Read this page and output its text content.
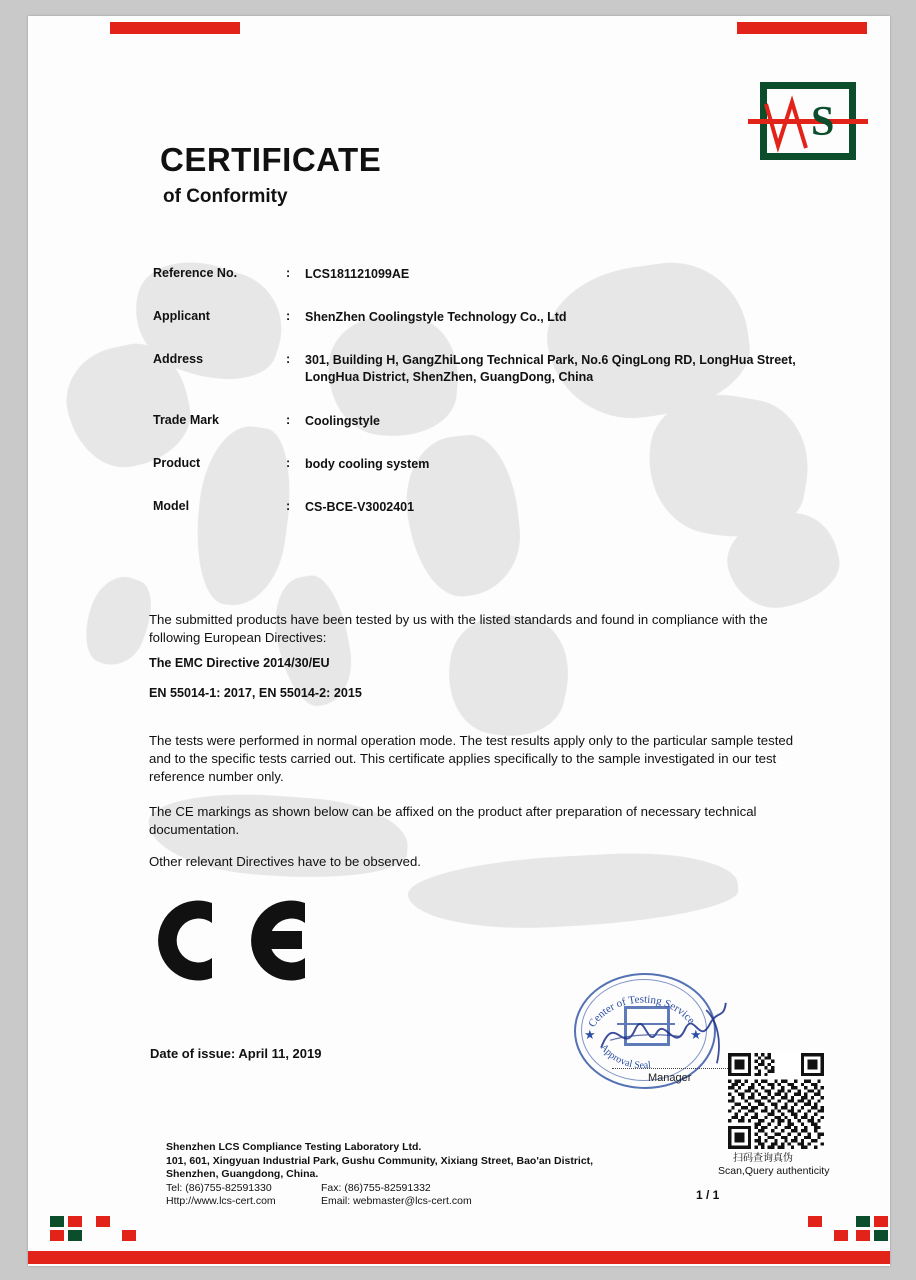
S
CERTIFICATE
of Conformity
Reference No.	: LCS181121099AE
Applicant	: ShenZhen Coolingstyle Technology Co., Ltd
Address	: 301, Building H, GangZhiLong Technical Park, No.6 QingLong RD, LongHua Street, LongHua District, ShenZhen, GuangDong, China
Trade Mark	: Coolingstyle
Product	: body cooling system
Model	: CS-BCE-V3002401
The submitted products have been tested by us with the listed standards and found in compliance with the following European Directives:
The EMC Directive 2014/30/EU
EN 55014-1: 2017, EN 55014-2: 2015
The tests were performed in normal operation mode. The test results apply only to the particular sample tested and to the specific tests carried out. This certificate applies specifically to the sample investigated in our test reference number only.
The CE markings as shown below can be affixed on the product after preparation of necessary technical documentation.
Other relevant Directives have to be observed.
Date of issue: April 11, 2019
Center of Testing Service
Approval Seal
★	★
Manager
扫码查询真伪
Scan,Query authenticity
Shenzhen LCS Compliance Testing Laboratory Ltd.
101, 601, Xingyuan Industrial Park, Gushu Community, Xixiang Street, Bao'an District, Shenzhen, Guangdong, China.
Tel: (86)755-82591330	Fax: (86)755-82591332
Http://www.lcs-cert.com	Email: webmaster@lcs-cert.com	1 / 1
